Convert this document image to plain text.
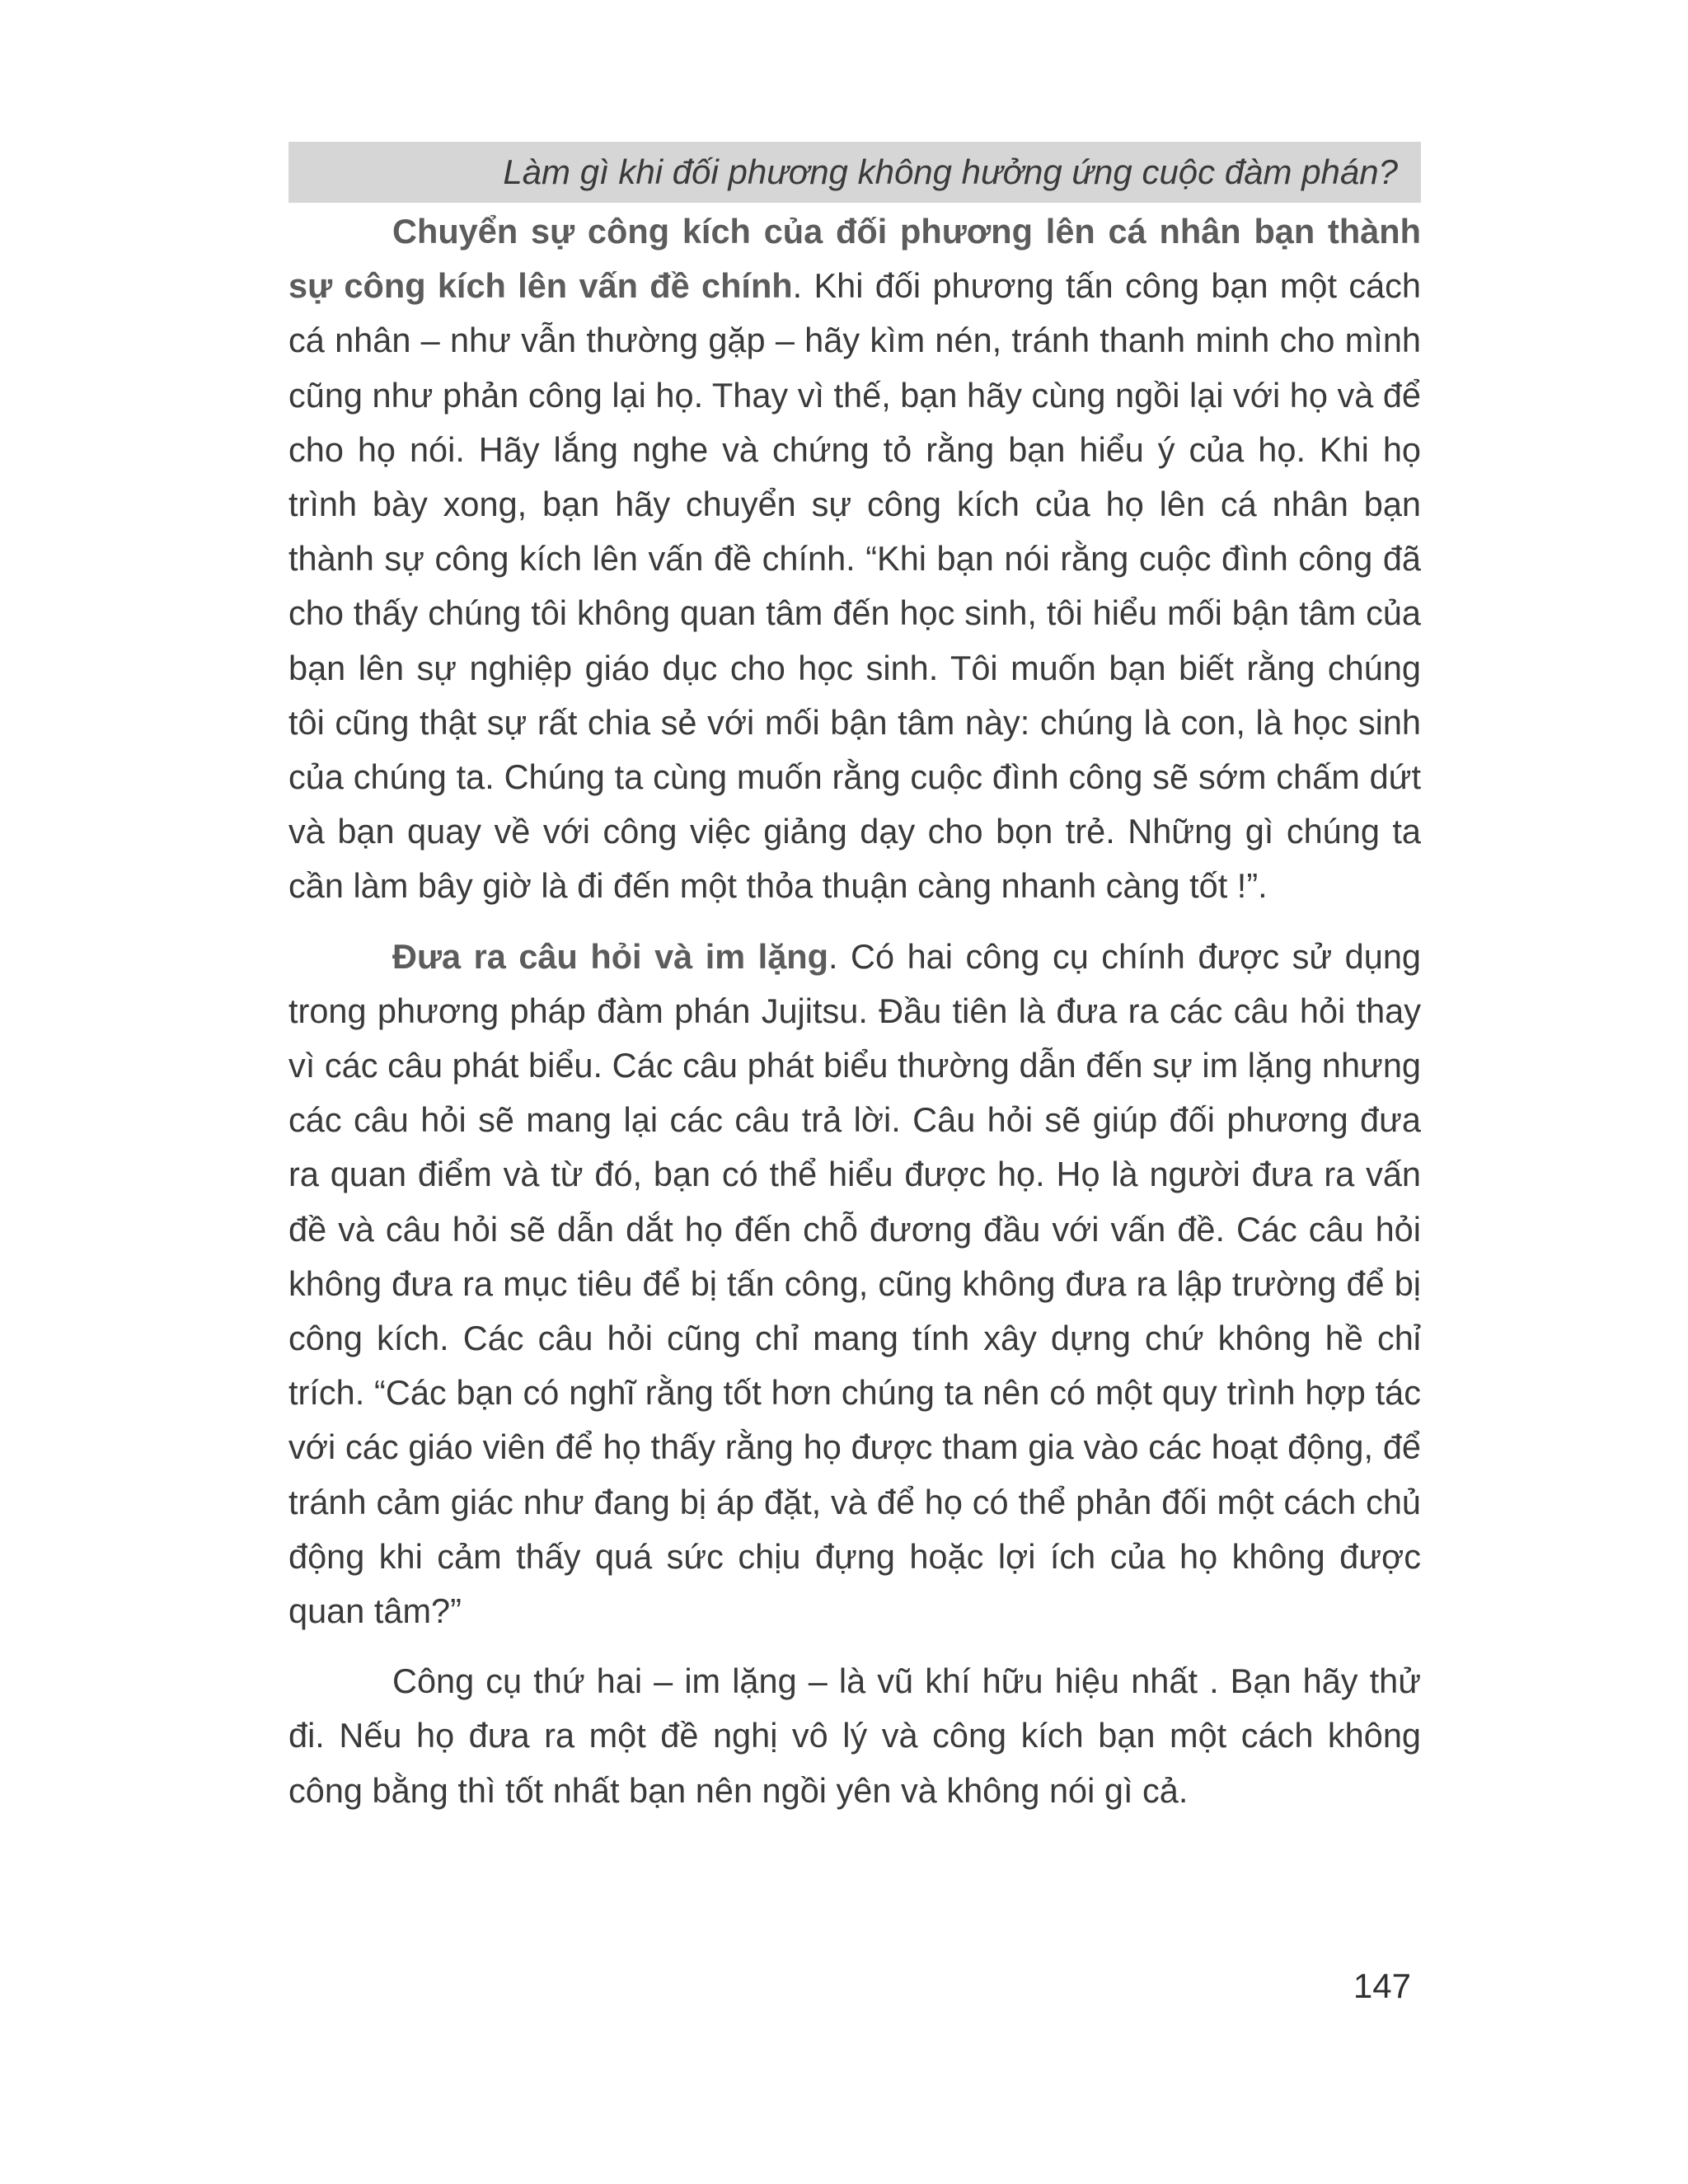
Làm gì khi đối phương không hưởng ứng cuộc đàm phán?

Chuyển sự công kích của đối phương lên cá nhân bạn thành sự công kích lên vấn đề chính. Khi đối phương tấn công bạn một cách cá nhân – như vẫn thường gặp – hãy kìm nén, tránh thanh minh cho mình cũng như phản công lại họ. Thay vì thế, bạn hãy cùng ngồi lại với họ và để cho họ nói. Hãy lắng nghe và chứng tỏ rằng bạn hiểu ý của họ. Khi họ trình bày xong, bạn hãy chuyển sự công kích của họ lên cá nhân bạn thành sự công kích lên vấn đề chính. “Khi bạn nói rằng cuộc đình công đã cho thấy chúng tôi không quan tâm đến học sinh, tôi hiểu mối bận tâm của bạn lên sự nghiệp giáo dục cho học sinh. Tôi muốn bạn biết rằng chúng tôi cũng thật sự rất chia sẻ với mối bận tâm này: chúng là con, là học sinh của chúng ta. Chúng ta cùng muốn rằng cuộc đình công sẽ sớm chấm dứt và bạn quay về với công việc giảng dạy cho bọn trẻ. Những gì chúng ta cần làm bây giờ là đi đến một thỏa thuận càng nhanh càng tốt !”.

Đưa ra câu hỏi và im lặng. Có hai công cụ chính được sử dụng trong phương pháp đàm phán Jujitsu. Đầu tiên là đưa ra các câu hỏi thay vì các câu phát biểu. Các câu phát biểu thường dẫn đến sự im lặng nhưng các câu hỏi sẽ mang lại các câu trả lời. Câu hỏi sẽ giúp đối phương đưa ra quan điểm và từ đó, bạn có thể hiểu được họ. Họ là người đưa ra vấn đề và câu hỏi sẽ dẫn dắt họ đến chỗ đương đầu với vấn đề. Các câu hỏi không đưa ra mục tiêu để bị tấn công, cũng không đưa ra lập trường để bị công kích. Các câu hỏi cũng chỉ mang tính xây dựng chứ không hề chỉ trích. “Các bạn có nghĩ rằng tốt hơn chúng ta nên có một quy trình hợp tác với các giáo viên để họ thấy rằng họ được tham gia vào các hoạt động, để tránh cảm giác như đang bị áp đặt, và để họ có thể phản đối một cách chủ động khi cảm thấy quá sức chịu đựng hoặc lợi ích của họ không được quan tâm?”

Công cụ thứ hai – im lặng – là vũ khí hữu hiệu nhất . Bạn hãy thử đi. Nếu họ đưa ra một đề nghị vô lý và công kích bạn một cách không công bằng thì tốt nhất bạn nên ngồi yên và không nói gì cả.

147
